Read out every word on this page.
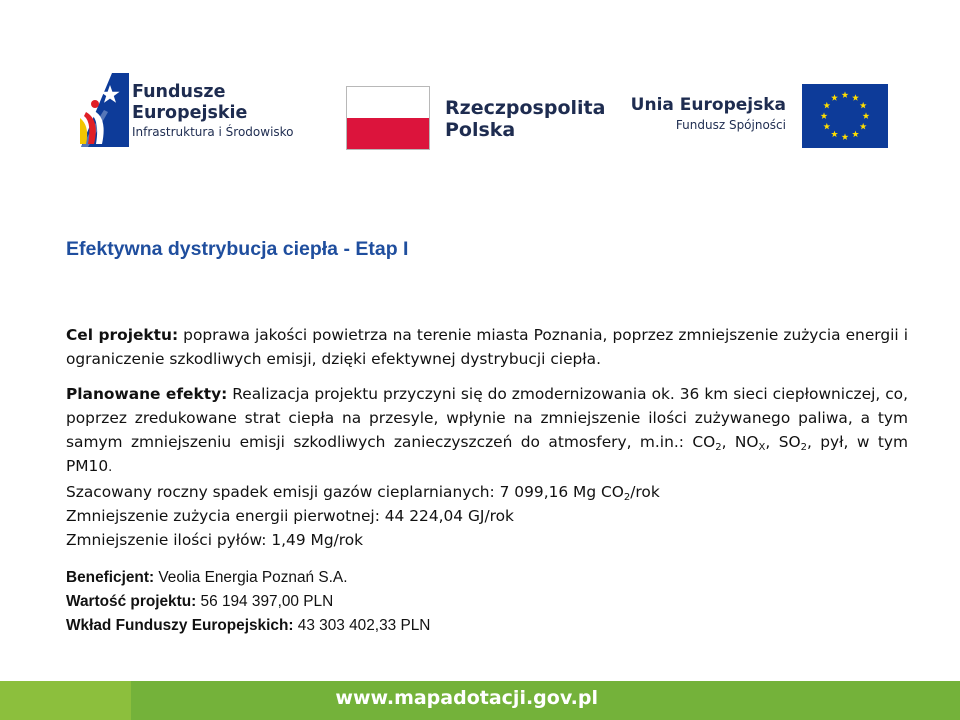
Fundusze
Europejskie
Infrastruktura i Środowisko
Rzeczpospolita
Polska
Unia Europejska
Fundusz Spójności
Efektywna dystrybucja ciepła - Etap I

Cel projektu: poprawa jakości powietrza na terenie miasta Poznania, poprzez zmniejszenie zużycia energii i ograniczenie szkodliwych emisji, dzięki efektywnej dystrybucji ciepła.

Planowane efekty: Realizacja projektu przyczyni się do zmodernizowania ok. 36 km sieci ciepłowniczej, co, poprzez zredukowane strat ciepła na przesyle, wpłynie na zmniejszenie ilości zużywanego paliwa, a tym samym zmniejszeniu emisji szkodliwych zanieczyszczeń do atmosfery, m.in.: $CO_2$, $NO_X$, $SO_2$, pył, w tym PM10.

Szacowany roczny spadek emisji gazów cieplarnianych: 7 099,16 Mg $CO_2$/rok
Zmniejszenie zużycia energii pierwotnej: 44 224,04 GJ/rok
Zmniejszenie ilości pyłów: 1,49 Mg/rok
Beneficjent: Veolia Energia Poznań S.A.
Wartość projektu: 56 194 397,00 PLN
Wkład Funduszy Europejskich: 43 303 402,33 PLN
www.mapadotacji.gov.pl
